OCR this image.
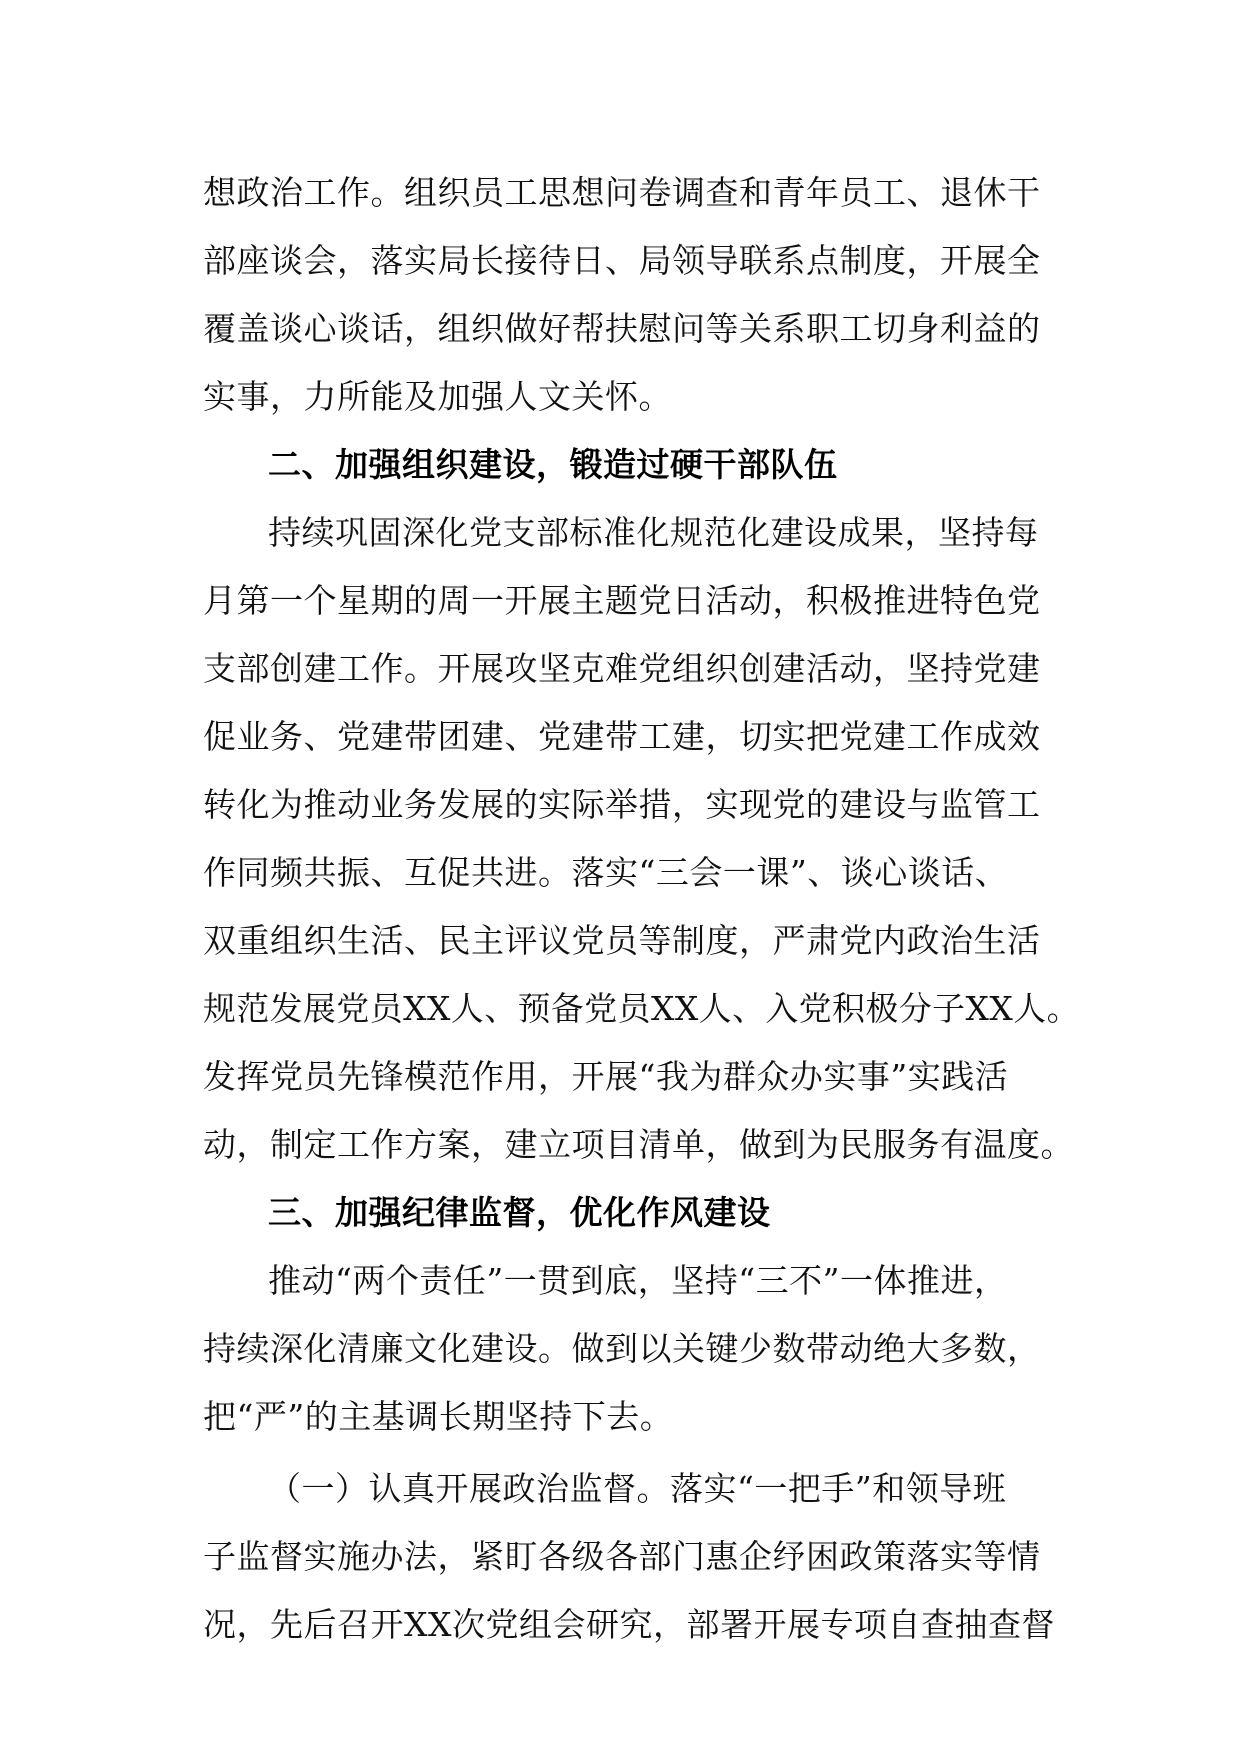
想政治工作。组织员工思想问卷调查和青年员工、退休干
部座谈会，落实局长接待日、局领导联系点制度，开展全
覆盖谈心谈话，组织做好帮扶慰问等关系职工切身利益的
实事，力所能及加强人文关怀。
二、加强组织建设，锻造过硬干部队伍
持续巩固深化党支部标准化规范化建设成果，坚持每
月第一个星期的周一开展主题党日活动，积极推进特色党
支部创建工作。开展攻坚克难党组织创建活动，坚持党建
促业务、党建带团建、党建带工建，切实把党建工作成效
转化为推动业务发展的实际举措，实现党的建设与监管工
作同频共振、互促共进。落实“三会一课”、谈心谈话、
双重组织生活、民主评议党员等制度，严肃党内政治生活
规范发展党员XX人、预备党员XX人、入党积极分子XX人。
发挥党员先锋模范作用，开展“我为群众办实事”实践活
动，制定工作方案，建立项目清单，做到为民服务有温度。
三、加强纪律监督，优化作风建设
推动“两个责任”一贯到底，坚持“三不”一体推进，
持续深化清廉文化建设。做到以关键少数带动绝大多数，
把“严”的主基调长期坚持下去。
（一）认真开展政治监督。落实“一把手”和领导班
子监督实施办法，紧盯各级各部门惠企纾困政策落实等情
况，先后召开XX次党组会研究，部署开展专项自查抽查督
